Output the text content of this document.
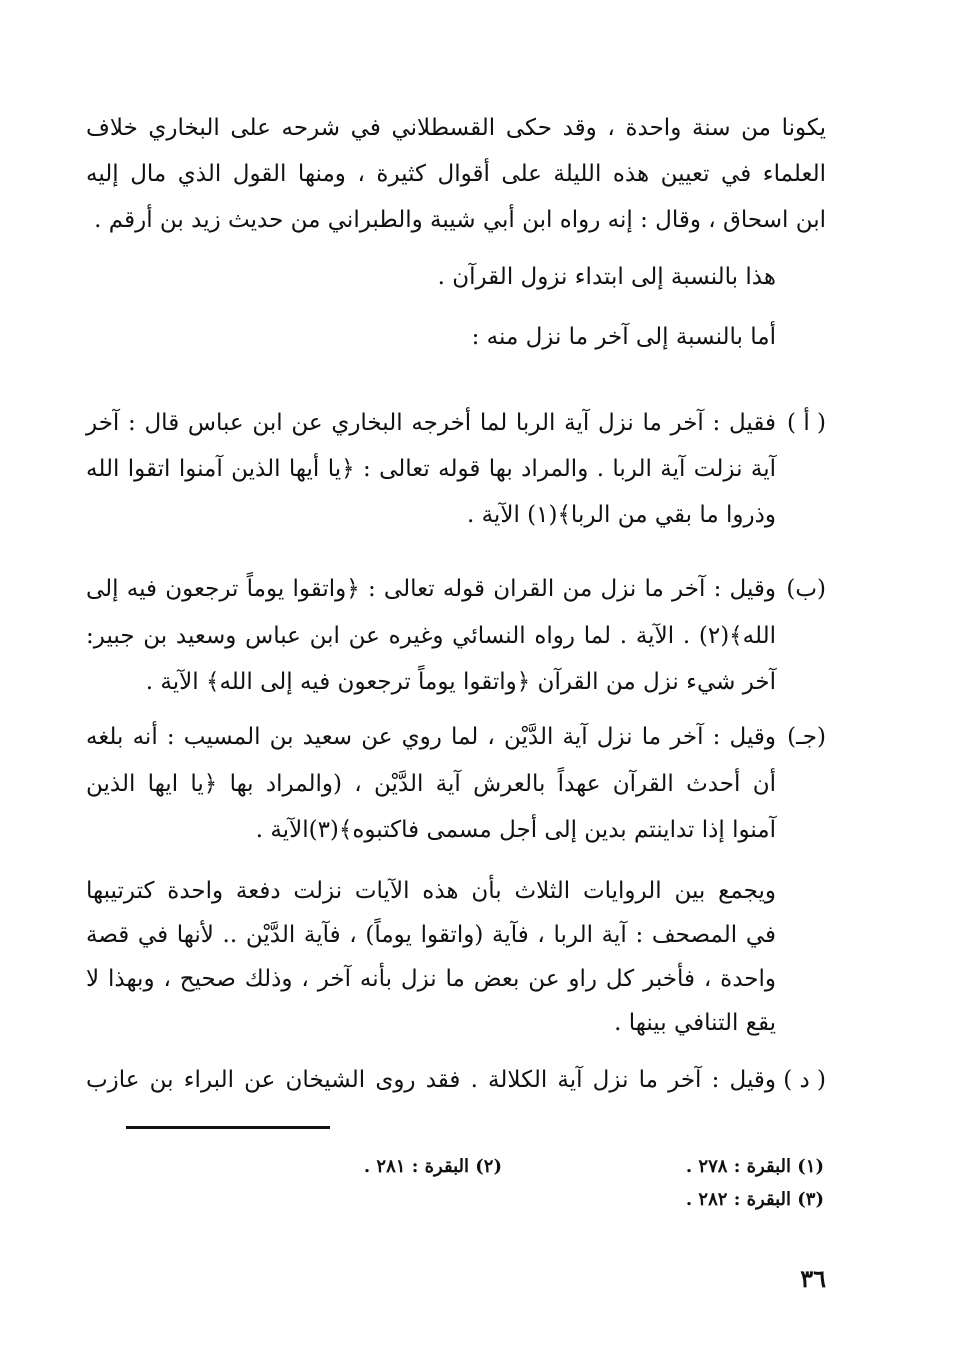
يكونا من سنة واحدة ، وقد حكى القسطلاني في شرحه على البخاري خلاف
العلماء في تعيين هذه الليلة على أقوال كثيرة ، ومنها القول الذي مال إليه
ابن اسحاق ، وقال : إنه رواه ابن أبي شيبة والطبراني من حديث زيد بن أرقم .
هذا بالنسبة إلى ابتداء نزول القرآن .
أما بالنسبة إلى آخر ما نزل منه :
( أ )
فقيل : آخر ما نزل آية الربا لما أخرجه البخاري عن ابن عباس قال : آخر
آية نزلت آية الربا . والمراد بها قوله تعالى : ﴿يا أيها الذين آمنوا اتقوا الله
وذروا ما بقي من الربا﴾(١) الآية .
(ب)
وقيل : آخر ما نزل من القران قوله تعالى : ﴿واتقوا يوماً ترجعون فيه إلى
الله﴾(٢) . الآية . لما رواه النسائي وغيره عن ابن عباس وسعيد بن جبير:
آخر شيء نزل من القرآن ﴿واتقوا يوماً ترجعون فيه إلى الله﴾ الآية .
(جـ)
وقيل : آخر ما نزل آية الدَّيْن ، لما روي عن سعيد بن المسيب : أنه بلغه
أن أحدث القرآن عهداً بالعرش آية الدَّيْن ، (والمراد بها ﴿يا ايها الذين
آمنوا إذا تداينتم بدين إلى أجل مسمى فاكتبوه﴾(٣)الآية .
ويجمع بين الروايات الثلاث بأن هذه الآيات نزلت دفعة واحدة كترتيبها
في المصحف : آية الربا ، فآية (واتقوا يوماً) ، فآية الدَّيْن .. لأنها في قصة
واحدة ، فأخبر كل راو عن بعض ما نزل بأنه آخر ، وذلك صحيح ، وبهذا لا
يقع التنافي بينها .
( د )
وقيل : آخر ما نزل آية الكلالة . فقد روى الشيخان عن البراء بن عازب
(١) البقرة : ٢٧٨ .
(٢) البقرة : ٢٨١ .
(٣) البقرة : ٢٨٢ .
٣٦
